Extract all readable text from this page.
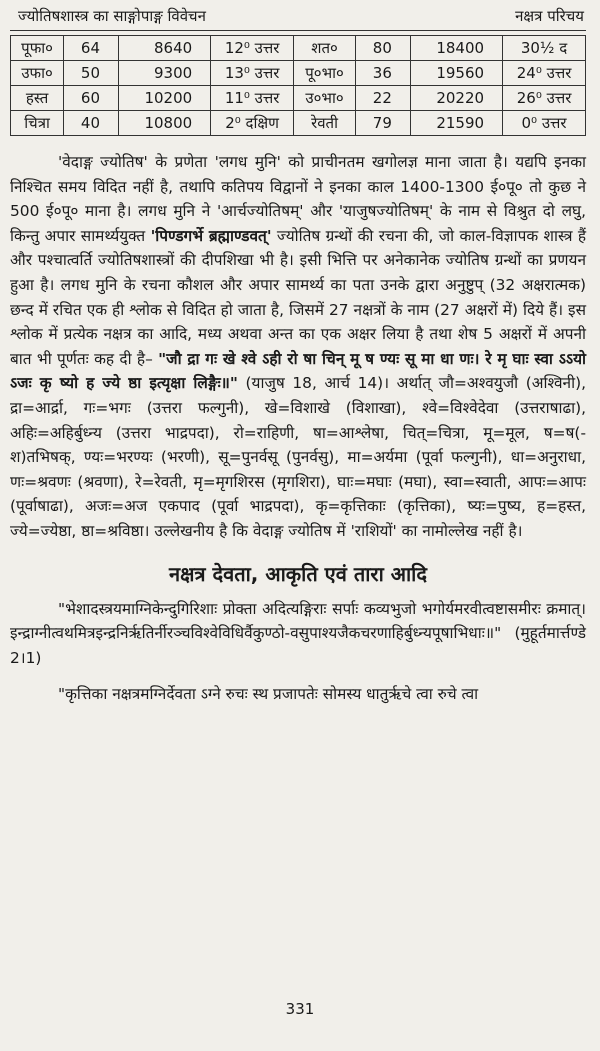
ज्योतिषशास्त्र का साङ्गोपाङ्ग विवेचन	नक्षत्र परिचय
पूफा०	64	8640	12⁰ उत्तर	शत०	80	18400	30½ द
उफा०	50	9300	13⁰ उत्तर	पू०भा०	36	19560	24⁰ उत्तर
हस्त	60	10200	11⁰ उत्तर	उ०भा०	22	20220	26⁰ उत्तर
चित्रा	40	10800	2⁰ दक्षिण	रेवती	79	21590	0⁰ उत्तर

'वेदाङ्ग ज्योतिष' के प्रणेता 'लगध मुनि' को प्राचीनतम खगोलज्ञ माना जाता है। यद्यपि इनका निश्चित समय विदित नहीं है, तथापि कतिपय विद्वानों ने इनका काल 1400-1300 ई०पू० तो कुछ ने 500 ई०पू० माना है। लगध मुनि ने 'आर्चज्योतिषम्' और 'याजुषज्योतिषम्' के नाम से विश्रुत दो लघु, किन्तु अपार सामर्थ्ययुक्त 'पिण्डगर्भे ब्रह्माण्डवत्' ज्योतिष ग्रन्थों की रचना की, जो काल-विज्ञापक शास्त्र हैं और पश्चात्वर्ति ज्योतिषशास्त्रों की दीपशिखा भी है। इसी भित्ति पर अनेकानेक ज्योतिष ग्रन्थों का प्रणयन हुआ है। लगध मुनि के रचना कौशल और अपार सामर्थ्य का पता उनके द्वारा अनुष्टुप् (32 अक्षरात्मक) छन्द में रचित एक ही श्लोक से विदित हो जाता है, जिसमें 27 नक्षत्रों के नाम (27 अक्षरों में) दिये हैं। इस श्लोक में प्रत्येक नक्षत्र का आदि, मध्य अथवा अन्त का एक अक्षर लिया है तथा शेष 5 अक्षरों में अपनी बात भी पूर्णतः कह दी है– "जौ द्रा गः खे श्वे ऽही रो षा चिन् मू ष ण्यः सू मा धा णः। रे मृ घाः स्वा ऽऽयो ऽजः कृ ष्यो ह ज्ये ष्ठा इत्यृक्षा लिङ्गैः॥" (याजुष 18, आर्च 14)। अर्थात् जौ=अश्वयुजौ (अश्विनी), द्रा=आर्द्रा, गः=भगः (उत्तरा फल्गुनी), खे=विशाखे (विशाखा), श्वे=विश्वेदेवा (उत्तराषाढा), अहिः=अहिर्बुध्न्य (उत्तरा भाद्रपदा), रो=राहिणी, षा=आश्लेषा, चित्=चित्रा, मू=मूल, ष=ष(-श)तभिषक्, ण्यः=भरण्यः (भरणी), सू=पुनर्वसू (पुनर्वसु), मा=अर्यमा (पूर्वा फल्गुनी), धा=अनुराधा, णः=श्रवणः (श्रवणा), रे=रेवती, मृ=मृगशिरस (मृगशिरा), घाः=मघाः (मघा), स्वा=स्वाती, आपः=आपः (पूर्वाषाढा), अजः=अज एकपाद (पूर्वा भाद्रपदा), कृ=कृत्तिकाः (कृत्तिका), ष्यः=पुष्य, ह=हस्त, ज्ये=ज्येष्ठा, ष्ठा=श्रविष्ठा। उल्लेखनीय है कि वेदाङ्ग ज्योतिष में 'राशियों' का नामोल्लेख नहीं है।

नक्षत्र देवता, आकृति एवं तारा आदि

"भेशादस्त्रयमाग्निकेन्दुगिरिशाः प्रोक्ता अदित्यङ्गिराः सर्पाः कव्यभुजो भगोर्यमरवीत्वष्टासमीरः क्रमात्। इन्द्राग्नीत्वथमित्रइन्द्रनिर्ऋतिर्नीरञ्चविश्वेविधिर्वैकुण्ठो-वसुपाश्यजैकचरणाहिर्बुध्न्यपूषाभिधाः॥" (मुहूर्तमार्त्तण्डे 2।1)

"कृत्तिका नक्षत्रमग्निर्देवता ऽग्ने रुचः स्थ प्रजापतेः सोमस्य धातुर्ऋचे त्वा रुचे त्वा

331
